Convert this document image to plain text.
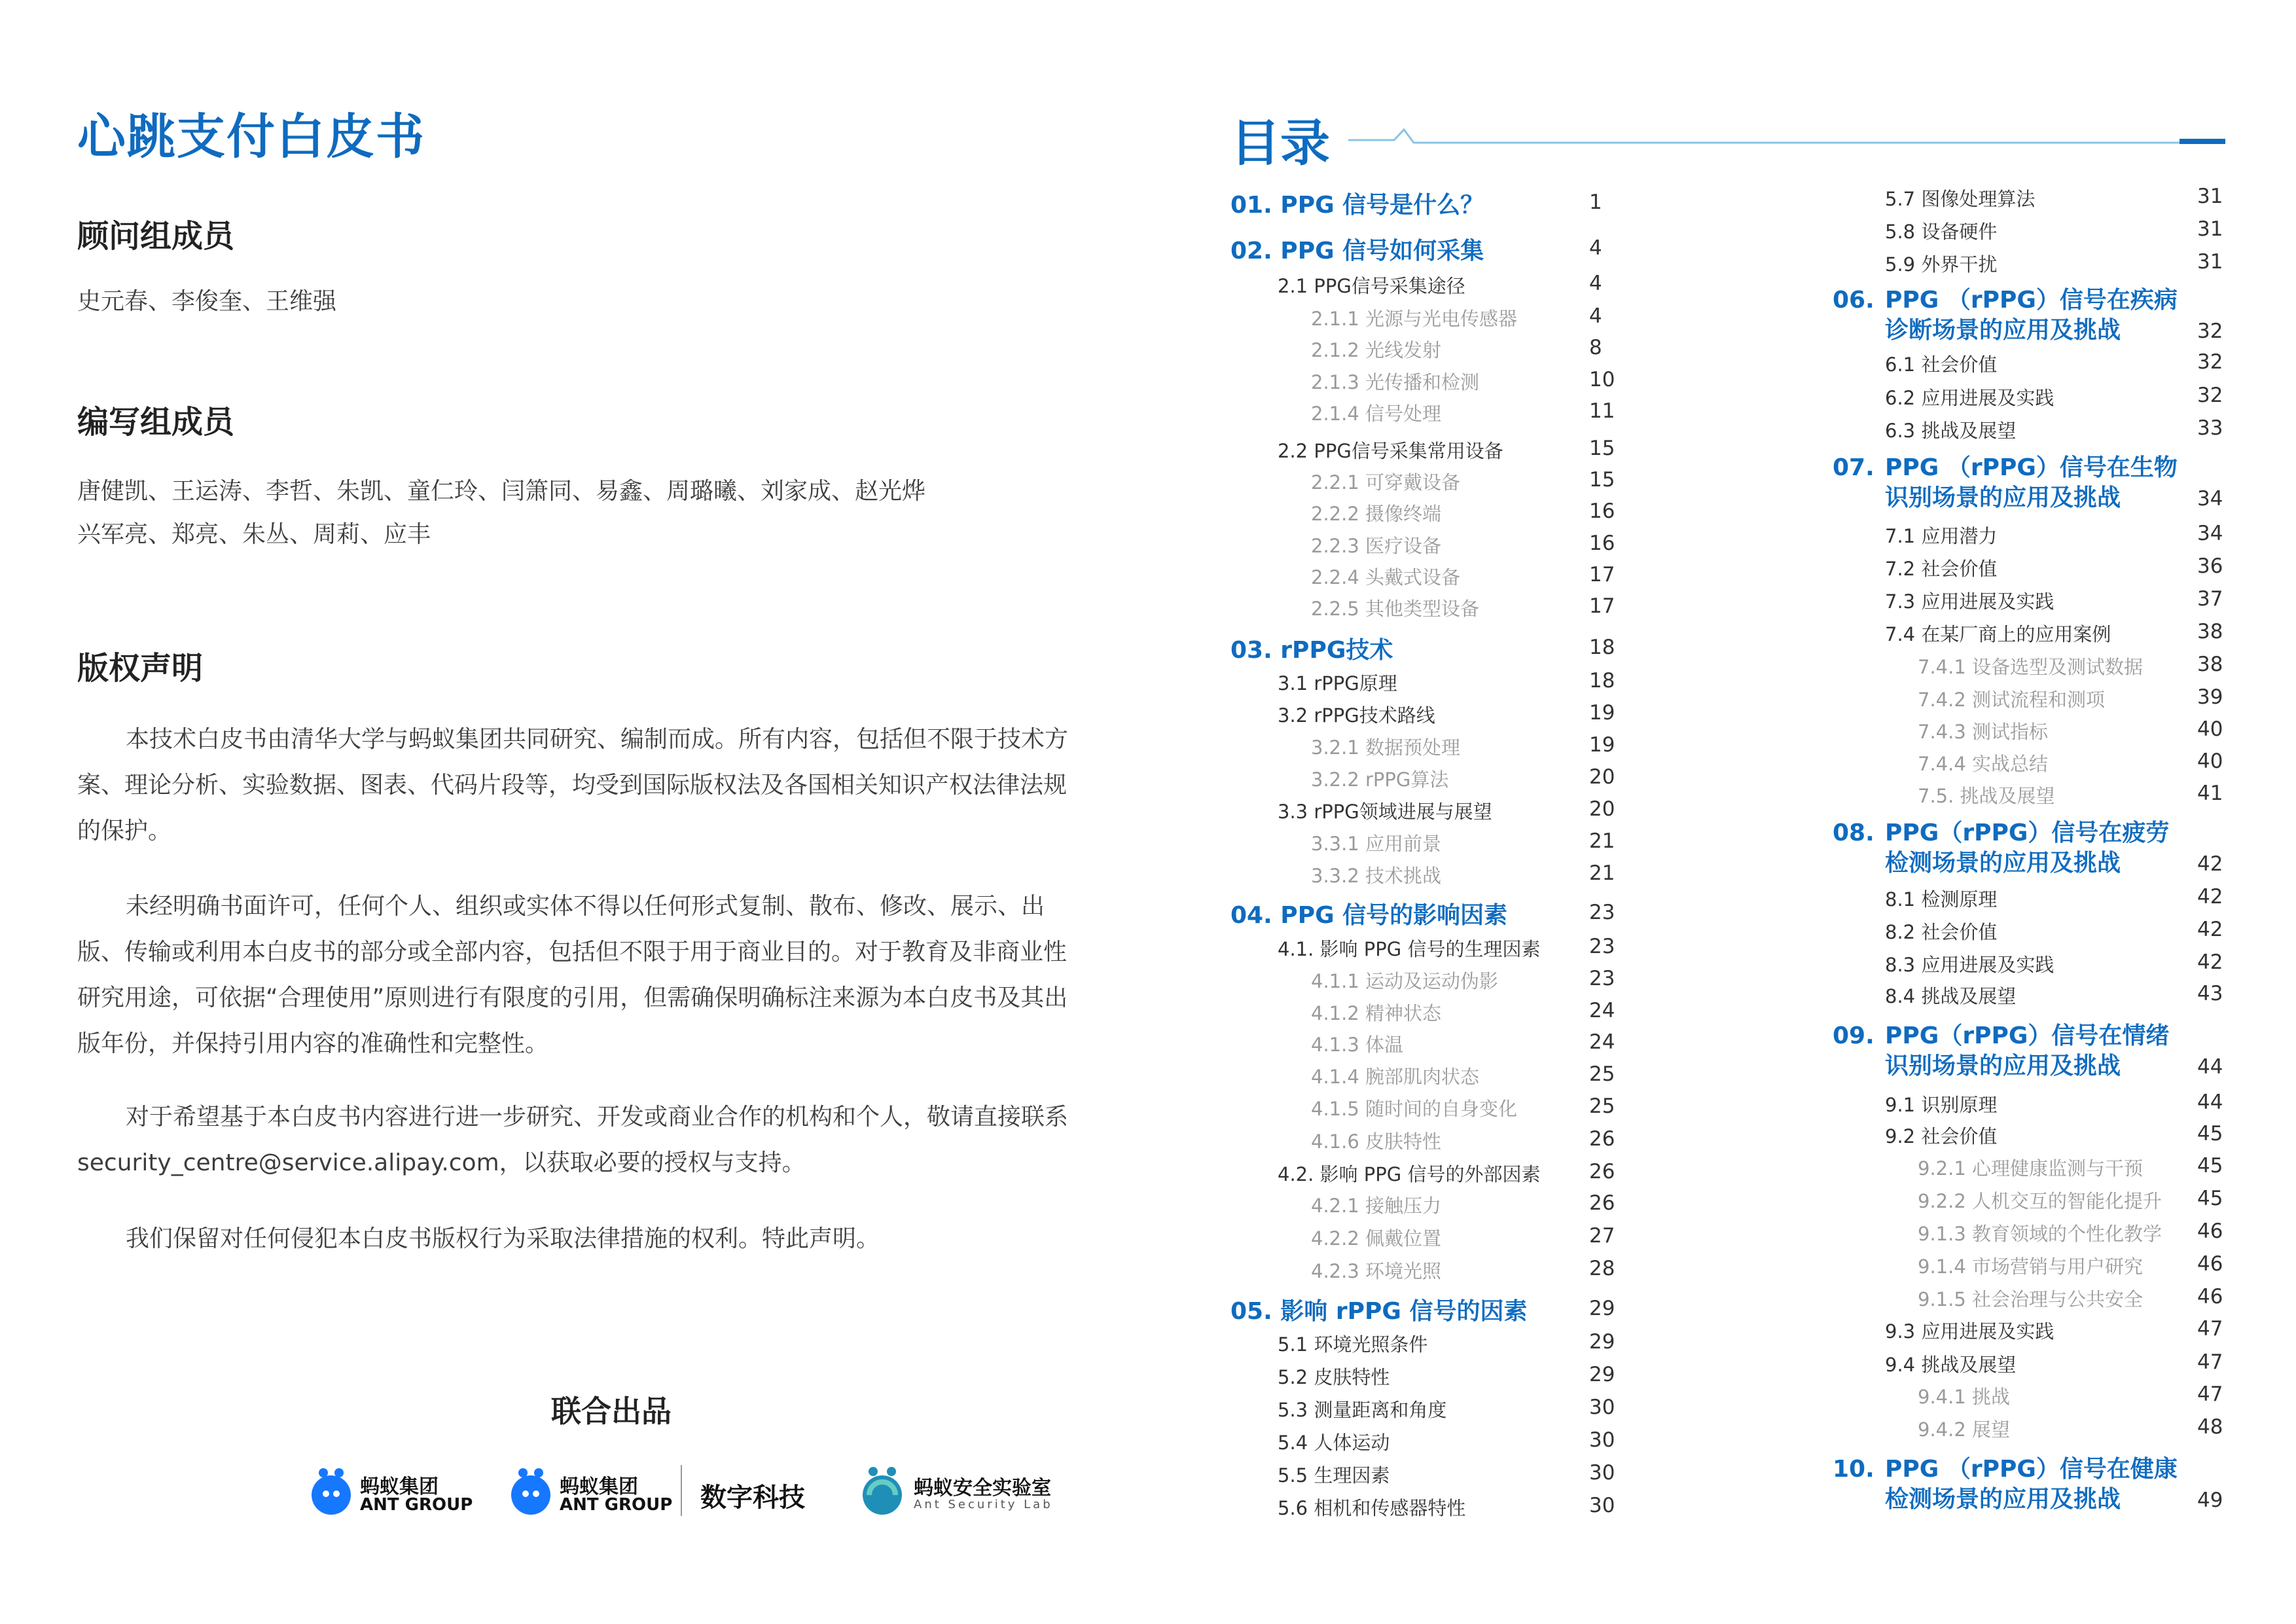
心跳支付白皮书
顾问组成员
史元春、李俊奎、王维强
编写组成员
唐健凯、王运涛、李哲、朱凯、童仁玲、闫箫同、易鑫、周璐曦、刘家成、赵光烨
兴军亮、郑亮、朱丛、周莉、应丰
版权声明
本技术白皮书由清华大学与蚂蚁集团共同研究、编制而成。所有内容，包括但不限于技术方案、理论分析、实验数据、图表、代码片段等，均受到国际版权法及各国相关知识产权法律法规的保护。
未经明确书面许可，任何个人、组织或实体不得以任何形式复制、散布、修改、展示、出版、传输或利用本白皮书的部分或全部内容，包括但不限于用于商业目的。对于教育及非商业性研究用途，可依据“合理使用”原则进行有限度的引用，但需确保明确标注来源为本白皮书及其出版年份，并保持引用内容的准确性和完整性。
对于希望基于本白皮书内容进行进一步研究、开发或商业合作的机构和个人，敬请直接联系security_centre@service.alipay.com，以获取必要的授权与支持。
我们保留对任何侵犯本白皮书版权行为采取法律措施的权利。特此声明。
联合出品
蚂蚁集团
ANT GROUP
蚂蚁集团
ANT GROUP 数字科技	蚂蚁安全实验室
Ant Security Lab
目录
01. PPG 信号是什么？	1
02. PPG 信号如何采集	4
2.1 PPG信号采集途径	4
2.1.1 光源与光电传感器	4
2.1.2 光线发射	8
2.1.3 光传播和检测	10
2.1.4 信号处理	11
2.2 PPG信号采集常用设备	15
2.2.1 可穿戴设备	15
2.2.2 摄像终端	16
2.2.3 医疗设备	16
2.2.4 头戴式设备	17
2.2.5 其他类型设备	17
03. rPPG技术	18
3.1 rPPG原理	18
3.2 rPPG技术路线	19
3.2.1 数据预处理	19
3.2.2 rPPG算法	20
3.3 rPPG领域进展与展望	20
3.3.1 应用前景	21
3.3.2 技术挑战	21
04. PPG 信号的影响因素	23
4.1. 影响 PPG 信号的生理因素 23
4.1.1 运动及运动伪影	23
4.1.2 精神状态	24
4.1.3 体温	24
4.1.4 腕部肌肉状态	25
4.1.5 随时间的自身变化	25
4.1.6 皮肤特性	26
4.2. 影响 PPG 信号的外部因素 26
4.2.1 接触压力	26
4.2.2 佩戴位置	27
4.2.3 环境光照	28
05. 影响 rPPG 信号的因素	29
5.1 环境光照条件	29
5.2 皮肤特性	29
5.3 测量距离和角度	30
5.4 人体运动	30
5.5 生理因素	30
5.6 相机和传感器特性	30
5.7 图像处理算法	31
5.8 设备硬件	31
5.9 外界干扰	31
06. PPG （rPPG）信号在疾病
诊断场景的应用及挑战	32
6.1 社会价值	32
6.2 应用进展及实践	32
6.3 挑战及展望	33
07. PPG （rPPG）信号在生物
识别场景的应用及挑战	34
7.1 应用潜力	34
7.2 社会价值	36
7.3 应用进展及实践	37
7.4 在某厂商上的应用案例	38
7.4.1 设备选型及测试数据	38
7.4.2 测试流程和测项	39
7.4.3 测试指标	40
7.4.4 实战总结	40
7.5. 挑战及展望	41
08. PPG（rPPG）信号在疲劳
检测场景的应用及挑战	42
8.1 检测原理	42
8.2 社会价值	42
8.3 应用进展及实践	42
8.4 挑战及展望	43
09. PPG（rPPG）信号在情绪
识别场景的应用及挑战	44
9.1 识别原理	44
9.2 社会价值	45
9.2.1 心理健康监测与干预	45
9.2.2 人机交互的智能化提升 45
9.1.3 教育领域的个性化教学 46
9.1.4 市场营销与用户研究	46
9.1.5 社会治理与公共安全	46
9.3 应用进展及实践	47
9.4 挑战及展望	47
9.4.1 挑战	47
9.4.2 展望	48
10. PPG （rPPG）信号在健康
检测场景的应用及挑战	49
